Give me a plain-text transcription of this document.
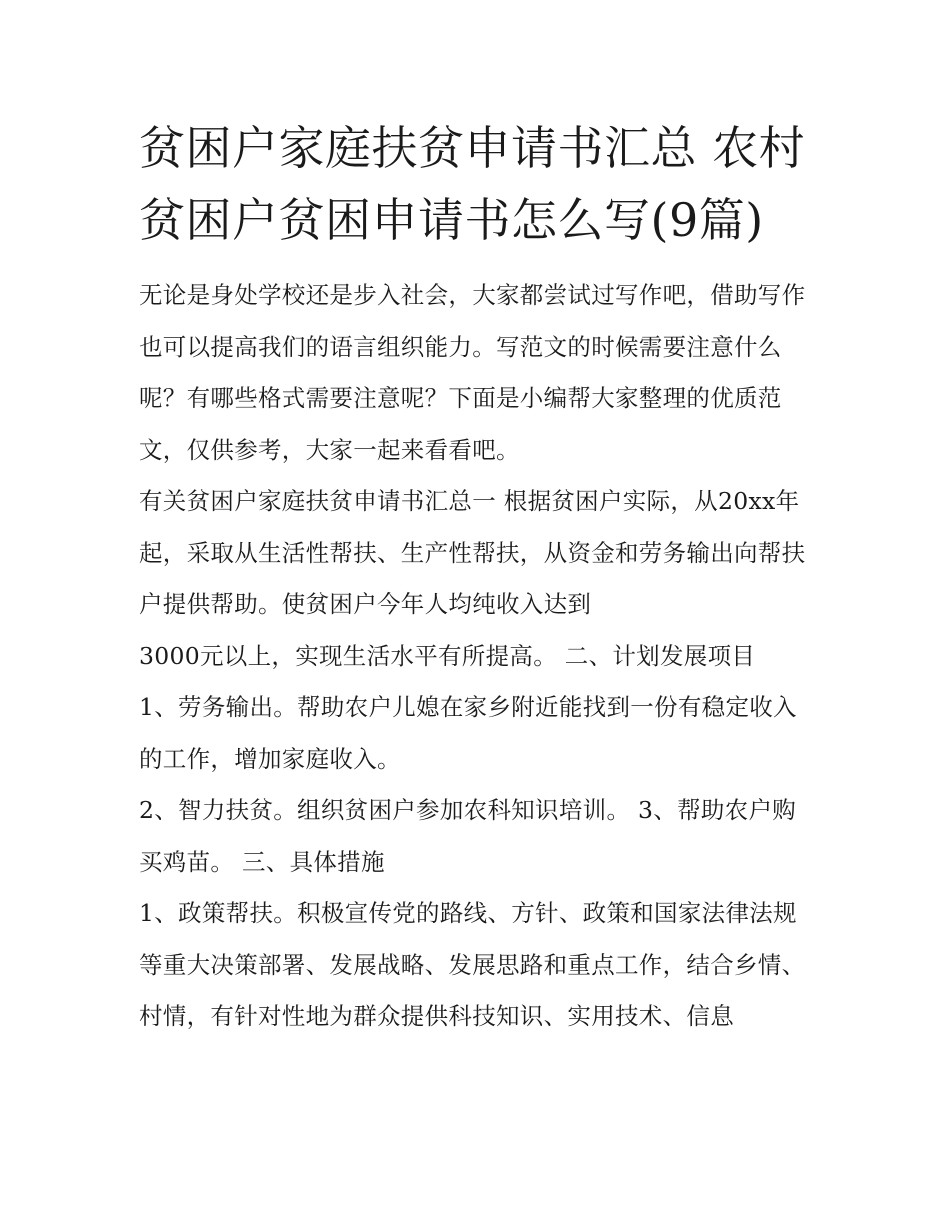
贫困户家庭扶贫申请书汇总 农村贫困户贫困申请书怎么写(9篇)

无论是身处学校还是步入社会，大家都尝试过写作吧，借助写作也可以提高我们的语言组织能力。写范文的时候需要注意什么呢？有哪些格式需要注意呢？下面是小编帮大家整理的优质范文，仅供参考，大家一起来看看吧。

有关贫困户家庭扶贫申请书汇总一 根据贫困户实际，从20xx年起，采取从生活性帮扶、生产性帮扶，从资金和劳务输出向帮扶户提供帮助。使贫困户今年人均纯收入达到

3000元以上，实现生活水平有所提高。 二、计划发展项目

1、劳务输出。帮助农户儿媳在家乡附近能找到一份有稳定收入的工作，增加家庭收入。

2、智力扶贫。组织贫困户参加农科知识培训。 3、帮助农户购买鸡苗。 三、具体措施

1、政策帮扶。积极宣传党的路线、方针、政策和国家法律法规等重大决策部署、发展战略、发展思路和重点工作，结合乡情、村情，有针对性地为群众提供科技知识、实用技术、信息
